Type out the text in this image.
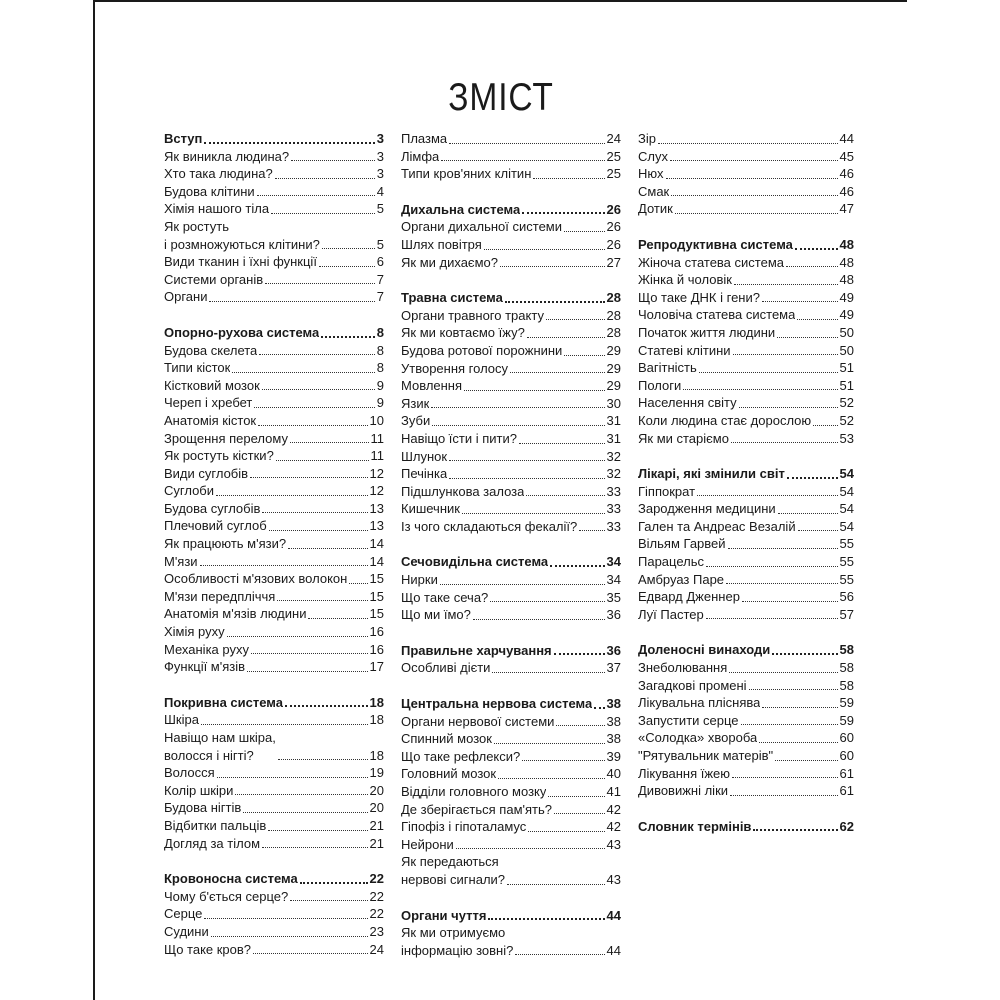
ЗМІСТ
Вступ	3
Як виникла людина?	3
Хто така людина?	3
Будова клітини	4
Хімія нашого тіла	5
Як ростуть
і розмножуються клітини?	5
Види тканин і їхні функції	6
Системи органів	7
Органи	7
Опорно-рухова система	8
Будова скелета	8
Типи кісток	8
Кістковий мозок	9
Череп і хребет	9
Анатомія кісток	10
Зрощення перелому	11
Як ростуть кістки?	11
Види суглобів	12
Суглоби	12
Будова суглобів	13
Плечовий суглоб	13
Як працюють м'язи?	14
М'язи	14
Особливості м'язових волокон 15
М'язи передпліччя	15
Анатомія м'язів людини	15
Хімія руху	16
Механіка руху	16
Функції м'язів	17
Покривна система	18
Шкіра	18
Навіщо нам шкіра,
волосся і нігті?	18
Волосся	19
Колір шкіри	20
Будова нігтів	20
Відбитки пальців	21
Догляд за тілом	21
Кровоносна система	22
Чому б'ється серце?	22
Серце	22
Судини	23
Що таке кров?	24
Плазма	24
Лімфа	25
Типи кров'яних клітин	25
Дихальна система	26
Органи дихальної системи	26
Шлях повітря	26
Як ми дихаємо?	27
Травна система	28
Органи травного тракту	28
Як ми ковтаємо їжу?	28
Будова ротової порожнини	29
Утворення голосу	29
Мовлення	29
Язик	30
Зуби	31
Навіщо їсти і пити?	31
Шлунок	32
Печінка	32
Підшлункова залоза	33
Кишечник	33
Із чого складаються фекалії? 33
Сечовидільна система	34
Нирки	34
Що таке сеча?	35
Що ми їмо?	36
Правильне харчування	36
Особливі дієти	37
Центральна нервова система 38
Органи нервової системи	38
Спинний мозок	38
Що таке рефлекси?	39
Головний мозок	40
Відділи головного мозку	41
Де зберігається пам'ять?	42
Гіпофіз і гіпоталамус	42
Нейрони	43
Як передаються
нервові сигнали?	43
Органи чуття	44
Як ми отримуємо
інформацію зовні?	44
Зір	44
Слух	45
Нюх	46
Смак	46
Дотик	47
Репродуктивна система	48
Жіноча статева система	48
Жінка й чоловік	48
Що таке ДНК і гени?	49
Чоловіча статева система	49
Початок життя людини	50
Статеві клітини	50
Вагітність	51
Пологи	51
Населення світу	52
Коли людина стає дорослою 52
Як ми старіємо	53
Лікарі, які змінили світ	54
Гіппократ	54
Зародження медицини	54
Гален та Андреас Везалій	54
Вільям Гарвей	55
Парацельс	55
Амбруаз Паре	55
Едвард Дженнер	56
Луї Пастер	57
Доленосні винаходи	58
Знеболювання	58
Загадкові промені	58
Лікувальна пліснява	59
Запустити серце	59
«Солодка» хвороба	60
"Рятувальник матерів"	60
Лікування їжею	61
Дивовижні ліки	61
Словник термінів	62
